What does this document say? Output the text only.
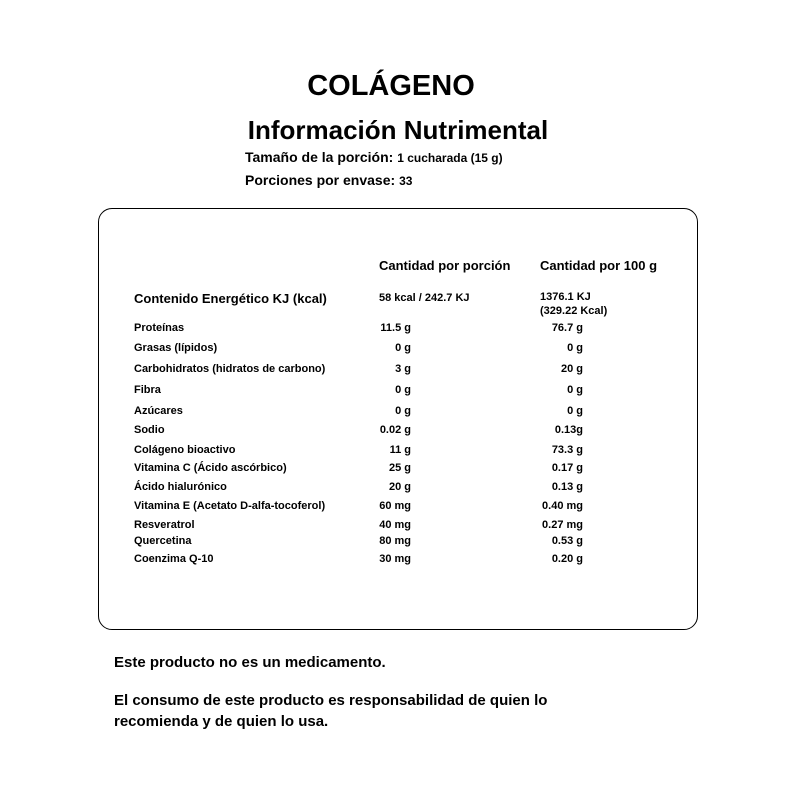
COLÁGENO
Información Nutrimental
Tamaño de la porción: 1 cucharada (15 g)
Porciones por envase: 33
Cantidad por porción Cantidad por 100 g
Contenido Energético KJ (kcal)	58 kcal / 242.7 KJ	1376.1 KJ
(329.22 Kcal)
Proteínas	11.5 g	76.7 g
Grasas (lípidos)	0 g	0 g
Carbohidratos (hidratos de carbono)	3 g	20 g
Fibra	0 g	0 g
Azúcares	0 g	0 g
Sodio	0.02 g	0.13g
Colágeno bioactivo	11 g	73.3 g
Vitamina C (Ácido ascórbico)	25 g	0.17 g
Ácido hialurónico	20 g	0.13 g
Vitamina E (Acetato D-alfa-tocoferol)	60 mg	0.40 mg
Resveratrol	40 mg	0.27 mg
Quercetina	80 mg	0.53 g
Coenzima Q-10	30 mg	0.20 g
Este producto no es un medicamento.
El consumo de este producto es responsabilidad de quien lo
recomienda y de quien lo usa.
